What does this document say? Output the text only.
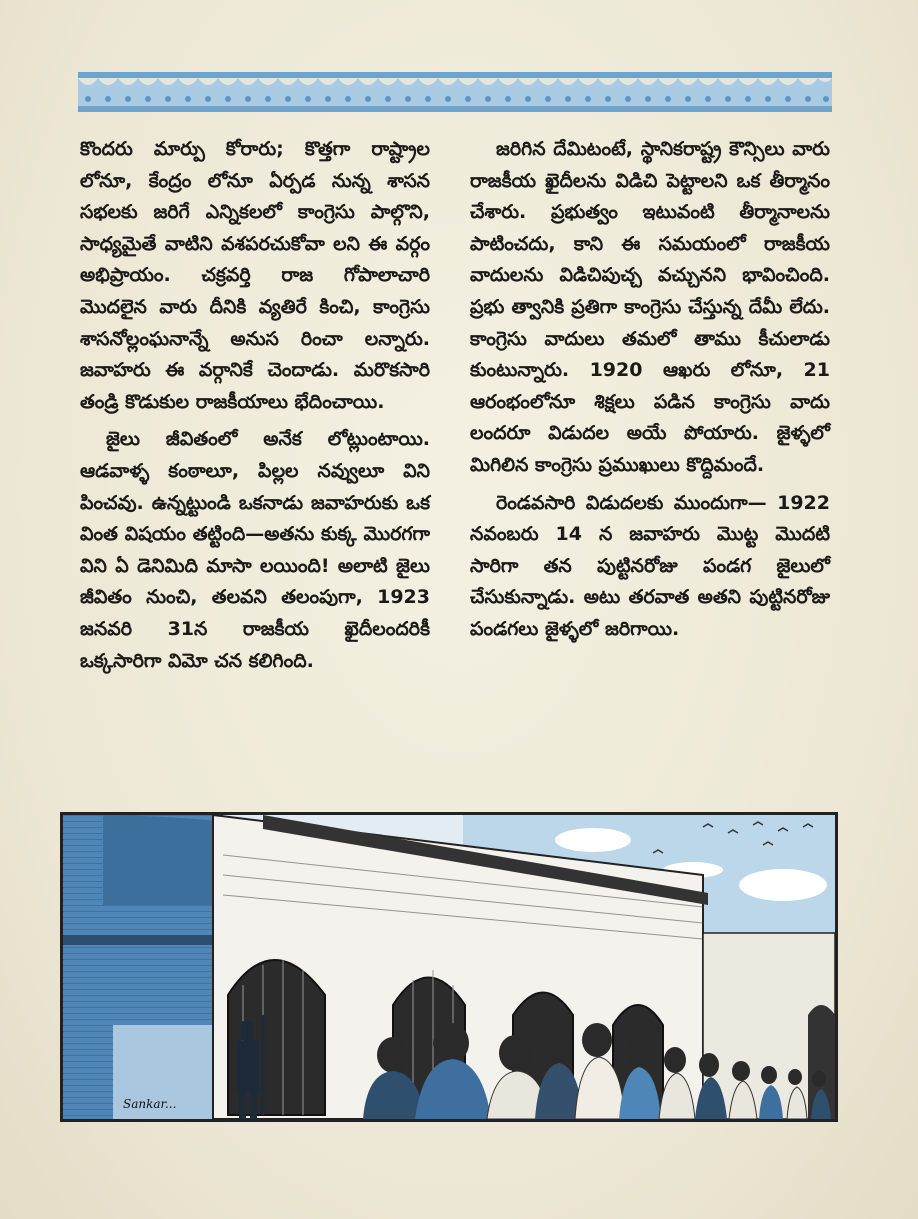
కొందరు మార్పు కోరారు; కొత్తగా రాష్ట్రాల లోనూ, కేంద్రం లోనూ ఏర్పడ నున్న శాసన సభలకు జరిగే ఎన్నికలలో కాంగ్రెసు పాల్గొని, సాధ్యమైతే వాటిని వశపరచుకోవా లని ఈ వర్గం అభిప్రాయం. చక్రవర్తి రాజ గోపాలాచారి మొదలైన వారు దీనికి వ్యతిరే కించి, కాంగ్రెసు శాసనోల్లంఘనాన్నే అనుస రించా లన్నారు. జవాహరు ఈ వర్గానికే చెందాడు. మరొకసారి తండ్రి కొడుకుల రాజకీయాలు భేదించాయి.

జైలు జీవితంలో అనేక లోట్లుంటాయి. ఆడవాళ్ళ కంఠాలూ, పిల్లల నవ్వులూ విని పించవు. ఉన్నట్టుండి ఒకనాడు జవాహరుకు ఒక వింత విషయం తట్టింది—అతను కుక్క మొరగగా విని ఏ డెనిమిది మాసా లయింది! అలాటి జైలు జీవితం నుంచి, తలవని తలంపుగా, 1923 జనవరి 31న రాజకీయ ఖైదీలందరికీ ఒక్కసారిగా విమో చన కలిగింది.

జరిగిన దేమిటంటే, స్థానికరాష్ట్ర కౌన్సిలు వారు రాజకీయ ఖైదీలను విడిచి పెట్టాలని ఒక తీర్మానం చేశారు. ప్రభుత్వం ఇటువంటి తీర్మానాలను పాటించదు, కాని ఈ సమయంలో రాజకీయ వాదులను విడిచిపుచ్చ వచ్చునని భావించింది. ప్రభు త్వానికి ప్రతిగా కాంగ్రెసు చేస్తున్న దేమీ లేదు. కాంగ్రెసు వాదులు తమలో తాము కీచులాడు కుంటున్నారు. 1920 ఆఖరు లోనూ, 21 ఆరంభంలోనూ శిక్షలు పడిన కాంగ్రెసు వాదు లందరూ విడుదల అయే పోయారు. జైళ్ళలో మిగిలిన కాంగ్రెసు ప్రముఖులు కొద్దిమందే.

రెండవసారి విడుదలకు ముందుగా— 1922 నవంబరు 14 న జవాహరు మొట్ట మొదటి సారిగా తన పుట్టినరోజు పండగ జైలులో చేసుకున్నాడు. అటు తరవాత అతని పుట్టినరోజు పండగలు జైళ్ళలో జరిగాయి.

Sankar...
